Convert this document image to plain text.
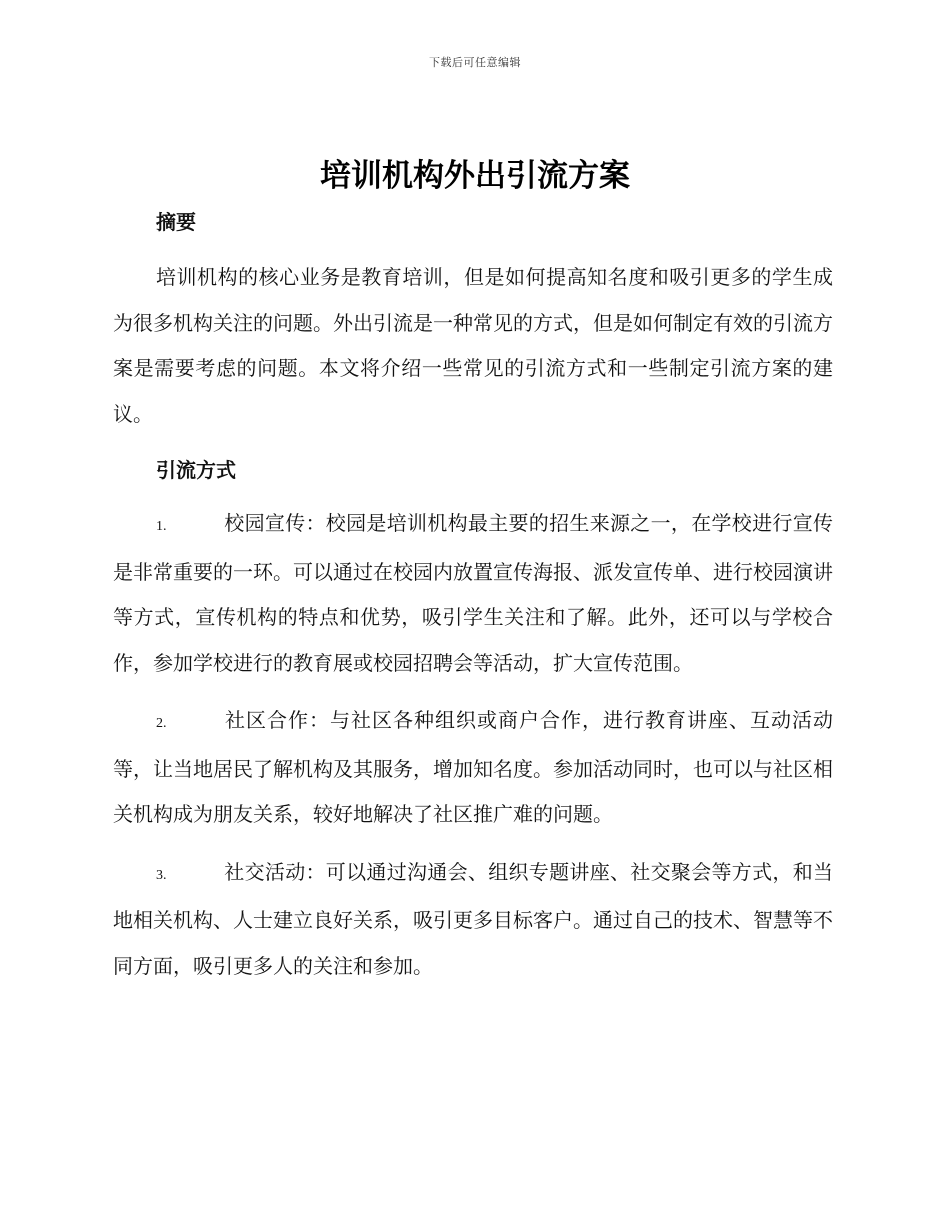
下载后可任意编辑
培训机构外出引流方案
摘要

培训机构的核心业务是教育培训，但是如何提高知名度和吸引更多的学生成为很多机构关注的问题。外出引流是一种常见的方式，但是如何制定有效的引流方案是需要考虑的问题。本文将介绍一些常见的引流方式和一些制定引流方案的建议。

引流方式

1.	校园宣传：校园是培训机构最主要的招生来源之一，在学校进行宣传是非常重要的一环。可以通过在校园内放置宣传海报、派发宣传单、进行校园演讲等方式，宣传机构的特点和优势，吸引学生关注和了解。此外，还可以与学校合作，参加学校进行的教育展或校园招聘会等活动，扩大宣传范围。

2.	社区合作：与社区各种组织或商户合作，进行教育讲座、互动活动等，让当地居民了解机构及其服务，增加知名度。参加活动同时，也可以与社区相关机构成为朋友关系，较好地解决了社区推广难的问题。

3.	社交活动：可以通过沟通会、组织专题讲座、社交聚会等方式，和当地相关机构、人士建立良好关系，吸引更多目标客户。通过自己的技术、智慧等不同方面，吸引更多人的关注和参加。
